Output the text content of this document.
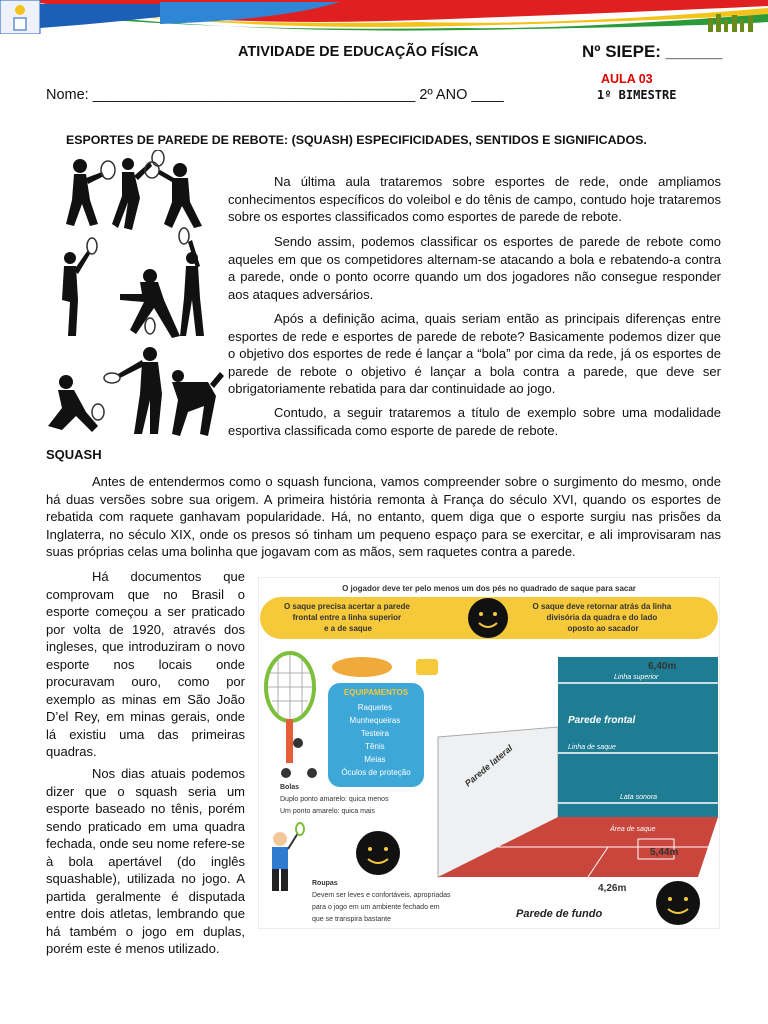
ATIVIDADE DE EDUCAÇÃO FÍSICA	Nº SIEPE: ______
AULA 03
1º BIMESTRE
Nome: ________________________________________ 2º ANO ____
ESPORTES DE PAREDE DE REBOTE: (SQUASH) ESPECIFICIDADES, SENTIDOS E SIGNIFICADOS.

Na última aula trataremos sobre esportes de rede, onde ampliamos conhecimentos específicos do voleibol e do tênis de campo, contudo hoje trataremos sobre os esportes classificados como esportes de parede de rebote.

Sendo assim, podemos classificar os esportes de parede de rebote como aqueles em que os competidores alternam-se atacando a bola e rebatendo-a contra a parede, onde o ponto ocorre quando um dos jogadores não consegue responder aos ataques adversários.

Após a definição acima, quais seriam então as principais diferenças entre esportes de rede e esportes de parede de rebote? Basicamente podemos dizer que o objetivo dos esportes de rede é lançar a “bola” por cima da rede, já os esportes de parede de rebote o objetivo é lançar a bola contra a parede, que deve ser obrigatoriamente rebatida para dar continuidade ao jogo.

Contudo, a seguir trataremos a título de exemplo sobre uma modalidade esportiva classificada como esporte de parede de rebote.

SQUASH

Antes de entendermos como o squash funciona, vamos compreender sobre o surgimento do mesmo, onde há duas versões sobre sua origem. A primeira história remonta à França do século XVI, quando os esportes de rebatida com raquete ganhavam popularidade. Há, no entanto, quem diga que o esporte surgiu nas prisões da Inglaterra, no século XIX, onde os presos só tinham um pequeno espaço para se exercitar, e ali improvisaram nas suas próprias celas uma bolinha que jogavam com as mãos, sem raquetes contra a parede.

Há documentos que comprovam que no Brasil o esporte começou a ser praticado por volta de 1920, através dos ingleses, que introduziram o novo esporte nos locais onde procuravam ouro, como por exemplo as minas em São João D’el Rey, em minas gerais, onde lá existiu uma das primeiras quadras.

Nos dias atuais podemos dizer que o squash seria um esporte baseado no tênis, porém sendo praticado em uma quadra fechada, onde seu nome refere-se à bola apertável (do inglês squashable), utilizada no jogo. A partida geralmente é disputada entre dois atletas, lembrando que há também o jogo em duplas, porém este é menos utilizado.

O jogador deve ter pelo menos um dos pés no quadrado de saque para sacar
O saque precisa acertar a parede frontal entre a linha superior e a de saque
O saque deve retornar atrás da linha divisória da quadra e do lado oposto ao sacador
EQUIPAMENTOS
Raquetes Munhequeiras Testeira Tênis Meias Óculos de proteção
Bolas Duplo ponto amarelo: quica menos Um ponto amarelo: quica mais
Roupas Devem ser leves e confortáveis, apropriadas para o jogo em um ambiente fechado em que se transpira bastante
6,40m
Linha superior
Parede frontal
Linha de saque
Parede lateral
Lata sonora
Área de saque
5,44m
4,26m
Parede de fundo
